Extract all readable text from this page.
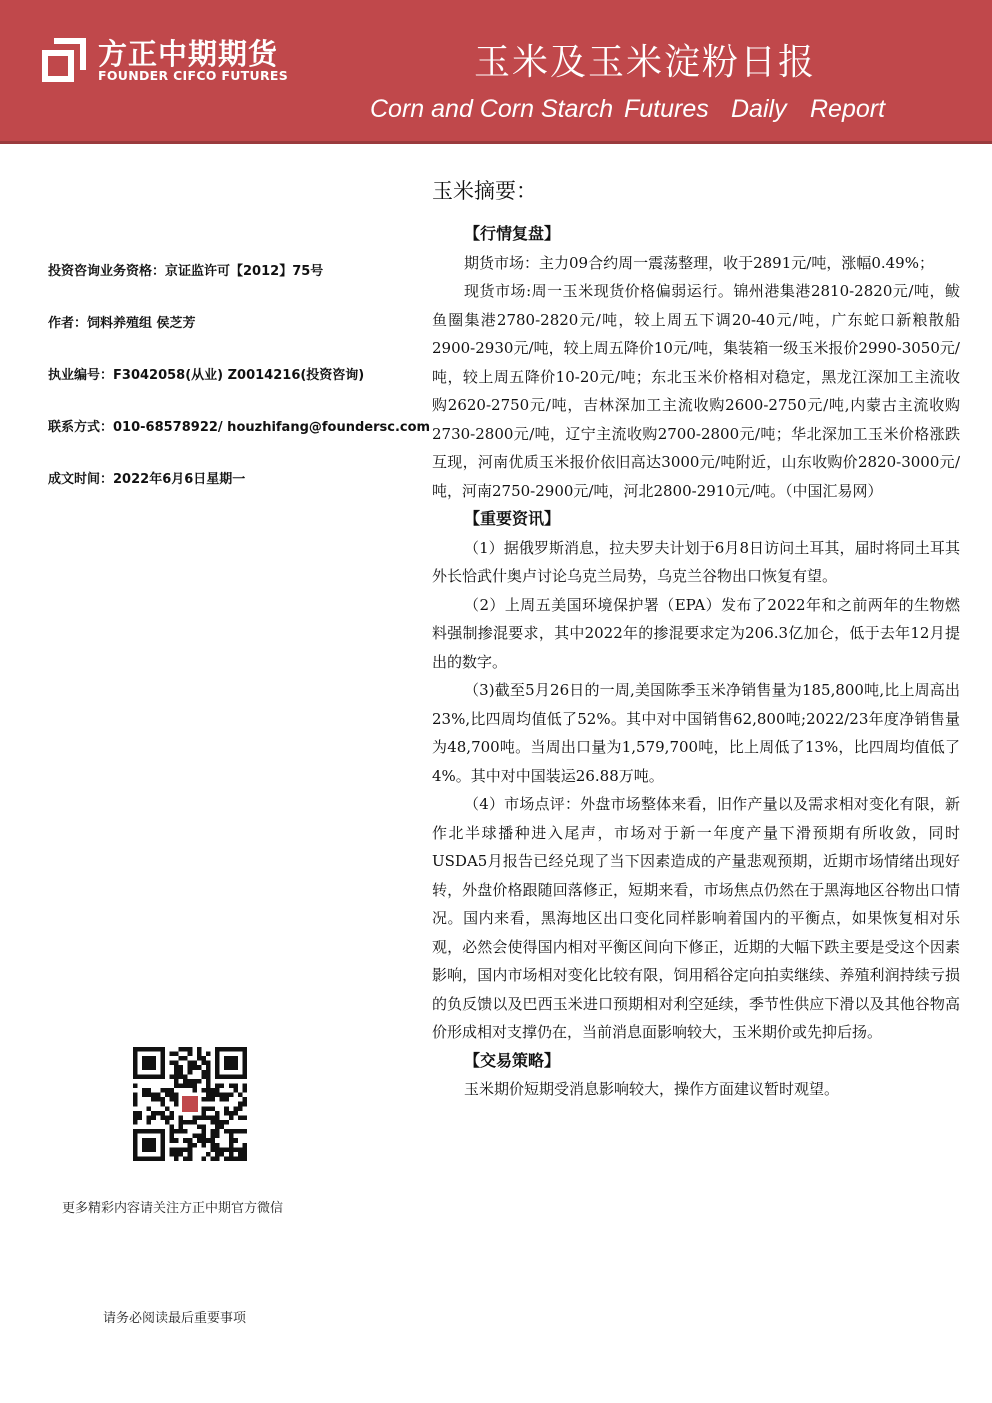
方正中期期货
FOUNDER CIFCO FUTURES	玉米及玉米淀粉日报
Corn and Corn Starch Futures Daily Report
投资咨询业务资格：京证监许可【2012】75号
作者：饲料养殖组 侯芝芳
执业编号：F3042058(从业) Z0014216(投资咨询)
联系方式：010-68578922/ houzhifang@foundersc.com
成文时间：2022年6月6日星期一
更多精彩内容请关注方正中期官方微信
请务必阅读最后重要事项
玉米摘要：
【行情复盘】

期货市场：主力09合约周一震荡整理，收于2891元/吨，涨幅0.49%；

现货市场:周一玉米现货价格偏弱运行。锦州港集港2810-2820元/吨，鲅鱼圈集港2780-2820元/吨，较上周五下调20-40元/吨，广东蛇口新粮散船2900-2930元/吨，较上周五降价10元/吨，集装箱一级玉米报价2990-3050元/吨，较上周五降价10-20元/吨；东北玉米价格相对稳定，黑龙江深加工主流收购2620-2750元/吨，吉林深加工主流收购2600-2750元/吨,内蒙古主流收购2730-2800元/吨，辽宁主流收购2700-2800元/吨；华北深加工玉米价格涨跌互现，河南优质玉米报价依旧高达3000元/吨附近，山东收购价2820-3000元/吨，河南2750-2900元/吨，河北2800-2910元/吨。（中国汇易网）

【重要资讯】

（1）据俄罗斯消息，拉夫罗夫计划于6月8日访问土耳其，届时将同土耳其外长恰武什奥卢讨论乌克兰局势，乌克兰谷物出口恢复有望。

（2）上周五美国环境保护署（EPA）发布了2022年和之前两年的生物燃料强制掺混要求，其中2022年的掺混要求定为206.3亿加仑，低于去年12月提出的数字。

（3)截至5月26日的一周,美国陈季玉米净销售量为185,800吨,比上周高出23%,比四周均值低了52%。其中对中国销售62,800吨;2022/23年度净销售量为48,700吨。当周出口量为1,579,700吨，比上周低了13%，比四周均值低了4%。其中对中国装运26.88万吨。

（4）市场点评：外盘市场整体来看，旧作产量以及需求相对变化有限，新作北半球播种进入尾声，市场对于新一年度产量下滑预期有所收敛，同时USDA5月报告已经兑现了当下因素造成的产量悲观预期，近期市场情绪出现好转，外盘价格跟随回落修正，短期来看，市场焦点仍然在于黑海地区谷物出口情况。国内来看，黑海地区出口变化同样影响着国内的平衡点，如果恢复相对乐观，必然会使得国内相对平衡区间向下修正，近期的大幅下跌主要是受这个因素影响，国内市场相对变化比较有限，饲用稻谷定向拍卖继续、养殖利润持续亏损的负反馈以及巴西玉米进口预期相对利空延续，季节性供应下滑以及其他谷物高价形成相对支撑仍在，当前消息面影响较大，玉米期价或先抑后扬。

【交易策略】

玉米期价短期受消息影响较大，操作方面建议暂时观望。
